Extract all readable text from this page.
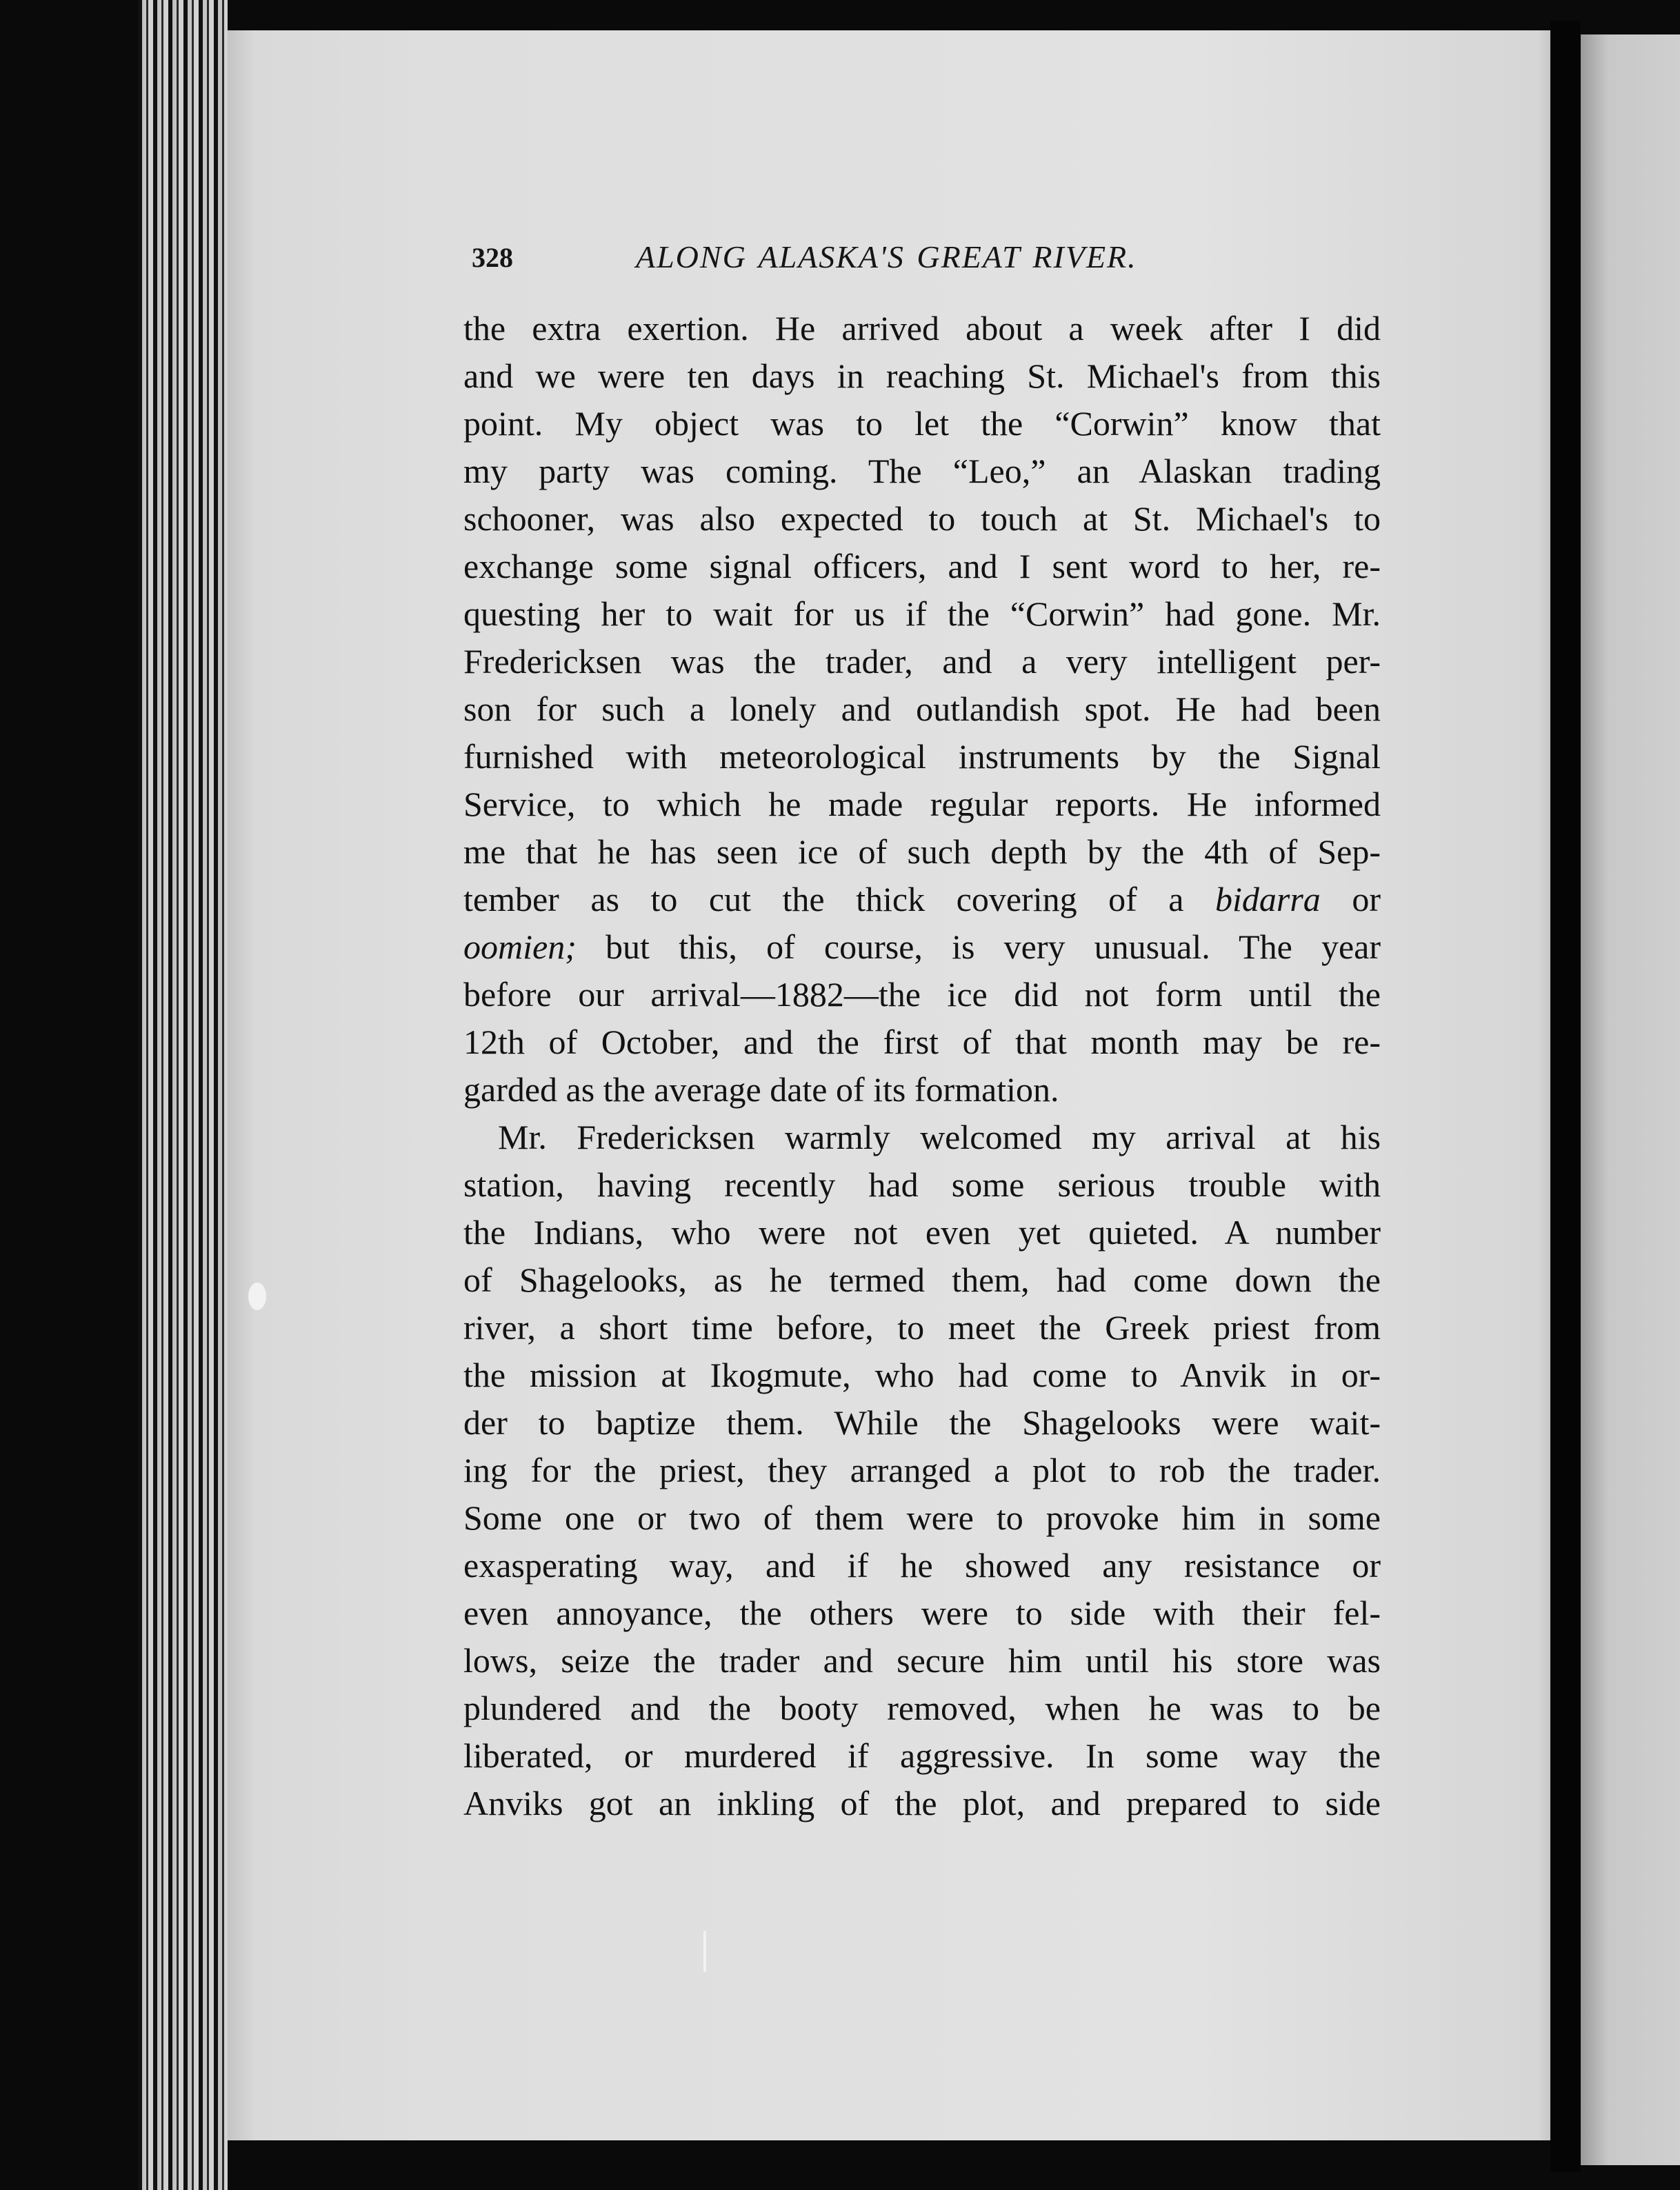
328	ALONG ALASKA'S GREAT RIVER.

the extra exertion. He arrived about a week after I did
and we were ten days in reaching St. Michael's from this
point. My object was to let the “Corwin” know that
my party was coming. The “Leo,” an Alaskan trading
schooner, was also expected to touch at St. Michael's to
exchange some signal officers, and I sent word to her, re-
questing her to wait for us if the “Corwin” had gone. Mr.
Fredericksen was the trader, and a very intelligent per-
son for such a lonely and outlandish spot. He had been
furnished with meteorological instruments by the Signal
Service, to which he made regular reports. He informed
me that he has seen ice of such depth by the 4th of Sep-
tember as to cut the thick covering of a bidarra or
oomien; but this, of course, is very unusual. The year
before our arrival—1882—the ice did not form until the
12th of October, and the first of that month may be re-
garded as the average date of its formation.

Mr. Fredericksen warmly welcomed my arrival at his
station, having recently had some serious trouble with
the Indians, who were not even yet quieted. A number
of Shagelooks, as he termed them, had come down the
river, a short time before, to meet the Greek priest from
the mission at Ikogmute, who had come to Anvik in or-
der to baptize them. While the Shagelooks were wait-
ing for the priest, they arranged a plot to rob the trader.
Some one or two of them were to provoke him in some
exasperating way, and if he showed any resistance or
even annoyance, the others were to side with their fel-
lows, seize the trader and secure him until his store was
plundered and the booty removed, when he was to be
liberated, or murdered if aggressive. In some way the
Anviks got an inkling of the plot, and prepared to side
